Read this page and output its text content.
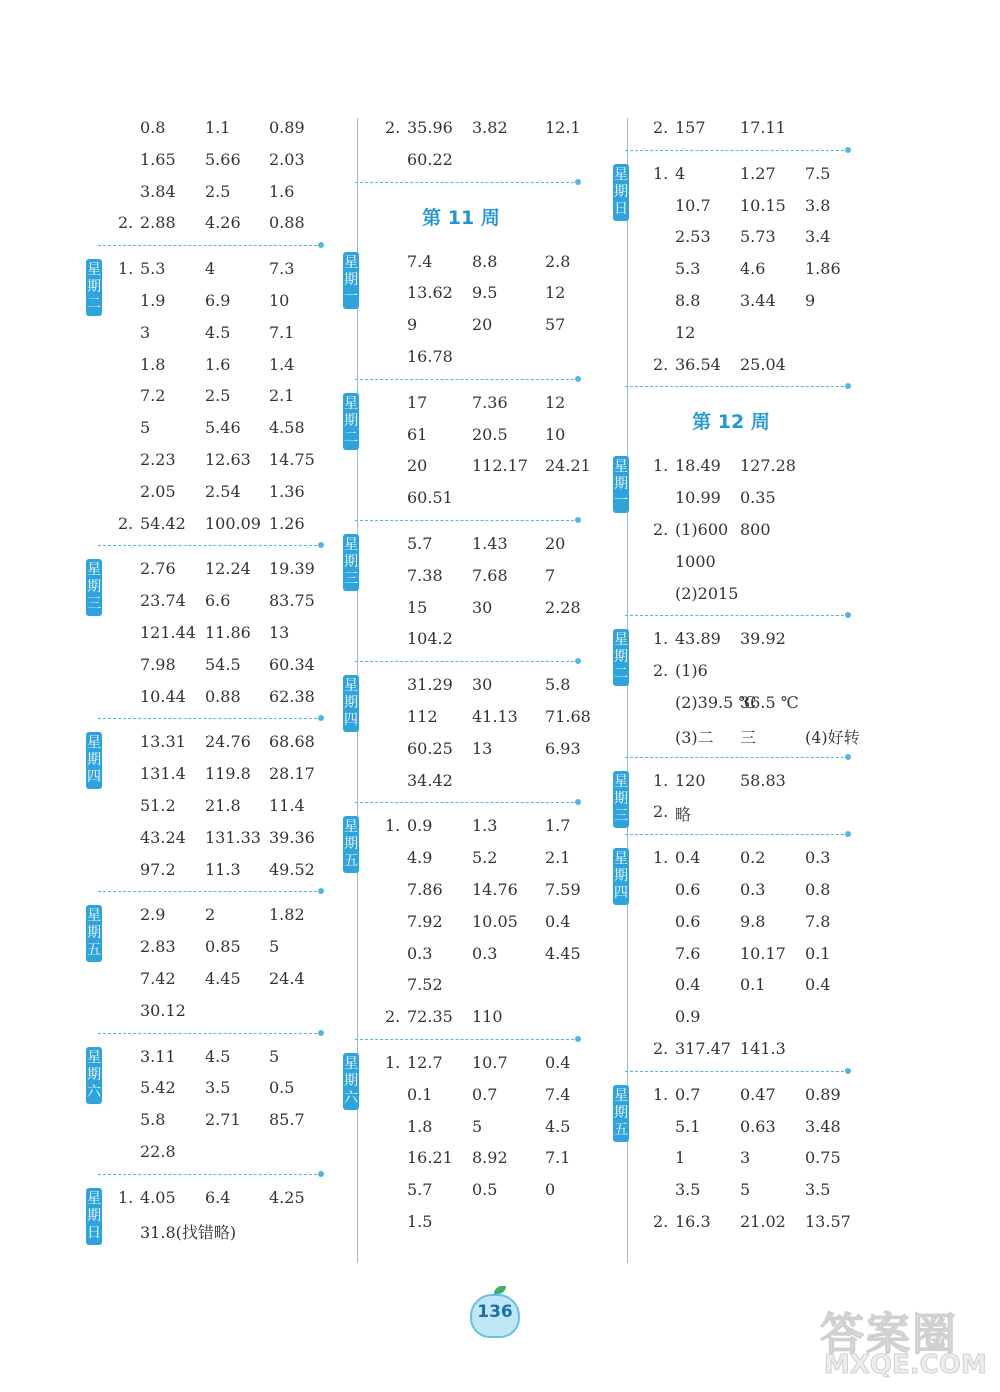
0.8 1.1 0.89
1.65 5.66 2.03
3.84 2.5 1.6
2. 2.88 4.26 0.88
星
期
二
1. 5.3 4	7.3
1.9 6.9 10
3	4.5 7.1
1.8 1.6 1.4
7.2 2.5 2.1
5	5.46 4.58
2.23 12.63 14.75
2.05 2.54 1.36
2. 54.42 100.09 1.26
星
期
三
2.76 12.24 19.39
23.74 6.6 83.75
121.44 11.86 13
7.98 54.5 60.34
10.44 0.88 62.38
星
期
四
13.31 24.76 68.68
131.4 119.8 28.17
51.2 21.8 11.4
43.24 131.33 39.36
97.2 11.3 49.52
星
期
五
2.9 2	1.82
2.83 0.85 5
7.42 4.45 24.4
30.12
星
期
六
3.11 4.5 5
5.42 3.5 0.5
5.8 2.71 85.7
22.8
星
期
日
1. 4.05 6.4 4.25
31.8(找错略)
2. 35.96 3.82 12.1
60.22
第 11 周
星
期
一
7.4 8.8	2.8
13.62 9.5	12
9	20	57
16.78
星
期
二
17	7.36 12
61	20.5 10
20	112.17 24.21
60.51
星
期
三
5.7 1.43 20
7.38 7.68 7
15	30	2.28
104.2
星
期
四
31.29 30	5.8
112 41.13 71.68
60.25 13	6.93
34.42
星
期
五
1. 0.9 1.3	1.7
4.9 5.2	2.1
7.86 14.76 7.59
7.92 10.05 0.4
0.3 0.3	4.45
7.52
2. 72.35 110
星
期
六
1. 12.7 10.7 0.4
0.1 0.7	7.4
1.8 5	4.5
16.21 8.92 7.1
5.7 0.5	0
1.5
2. 157 17.11
星
期
日
1. 4	1.27 7.5
10.7 10.15 3.8
2.53 5.73 3.4
5.3 4.6 1.86
8.8 3.44 9
12
2. 36.54 25.04
第 12 周
星
期
一
1. 18.49 127.28
10.99 0.35
2. (1)600 800
1000
(2)2015
星
期
二
1. 43.89 39.92
2. (1)6
(2)39.5 ℃
36.5 ℃
(3)二 三	(4)好转
星
期
三
1. 120 58.83
2. 略
星
期
四
1. 0.4 0.2 0.3
0.6 0.3 0.8
0.6 9.8 7.8
7.6 10.17 0.1
0.4 0.1 0.4
0.9
2. 317.47 141.3
星
期
五
1. 0.7 0.47 0.89
5.1 0.63 3.48
1	3	0.75
3.5 5	3.5
2. 16.3 21.02 13.57
136	答案圈
MXQE.COM
